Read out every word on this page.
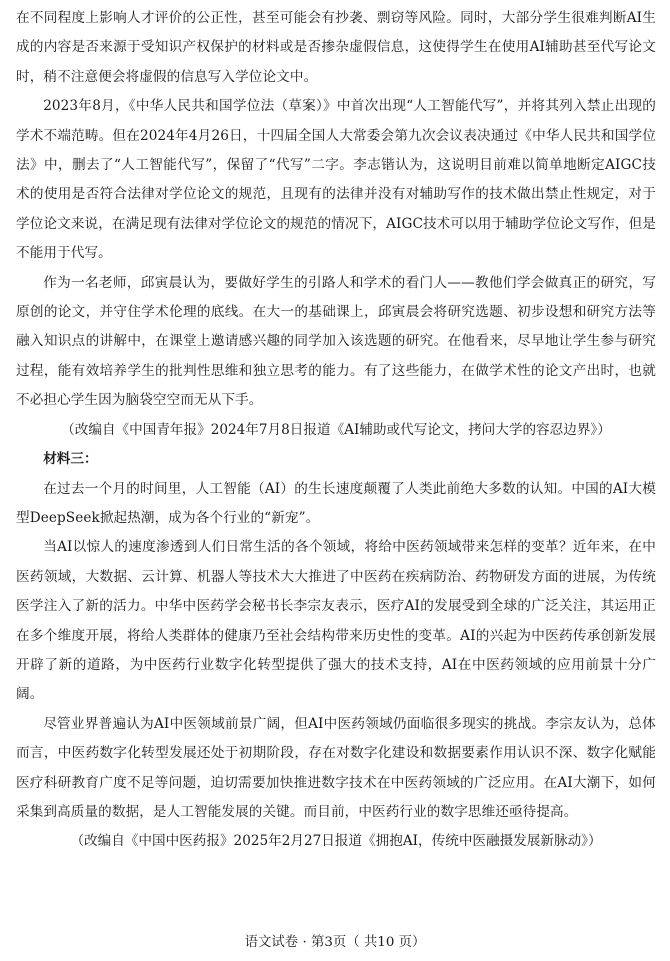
在不同程度上影响人才评价的公正性，甚至可能会有抄袭、剽窃等风险。同时，大部分学生很难判断AI生成的内容是否来源于受知识产权保护的材料或是否掺杂虚假信息，这使得学生在使用AI辅助甚至代写论文时，稍不注意便会将虚假的信息写入学位论文中。

2023年8月，《中华人民共和国学位法（草案）》中首次出现“人工智能代写”，并将其列入禁止出现的学术不端范畴。但在2024年4月26日，十四届全国人大常委会第九次会议表决通过《中华人民共和国学位法》中，删去了“人工智能代写”，保留了“代写”二字。李志锴认为，这说明目前难以简单地断定AIGC技术的使用是否符合法律对学位论文的规范，且现有的法律并没有对辅助写作的技术做出禁止性规定，对于学位论文来说，在满足现有法律对学位论文的规范的情况下，AIGC技术可以用于辅助学位论文写作，但是不能用于代写。

作为一名老师，邱寅晨认为，要做好学生的引路人和学术的看门人——教他们学会做真正的研究，写原创的论文，并守住学术伦理的底线。在大一的基础课上，邱寅晨会将研究选题、初步设想和研究方法等融入知识点的讲解中，在课堂上邀请感兴趣的同学加入该选题的研究。在他看来，尽早地让学生参与研究过程，能有效培养学生的批判性思维和独立思考的能力。有了这些能力，在做学术性的论文产出时，也就不必担心学生因为脑袋空空而无从下手。

（改编自《中国青年报》2024年7月8日报道《AI辅助或代写论文，拷问大学的容忍边界》）

材料三：

在过去一个月的时间里，人工智能（AI）的生长速度颠覆了人类此前绝大多数的认知。中国的AI大模型DeepSeek掀起热潮，成为各个行业的“新宠”。

当AI以惊人的速度渗透到人们日常生活的各个领域，将给中医药领域带来怎样的变革？近年来，在中医药领域，大数据、云计算、机器人等技术大大推进了中医药在疾病防治、药物研发方面的进展，为传统医学注入了新的活力。中华中医药学会秘书长李宗友表示，医疗AI的发展受到全球的广泛关注，其运用正在多个维度开展，将给人类群体的健康乃至社会结构带来历史性的变革。AI的兴起为中医药传承创新发展开辟了新的道路，为中医药行业数字化转型提供了强大的技术支持，AI在中医药领域的应用前景十分广阔。

尽管业界普遍认为AI中医领域前景广阔，但AI中医药领域仍面临很多现实的挑战。李宗友认为，总体而言，中医药数字化转型发展还处于初期阶段，存在对数字化建设和数据要素作用认识不深、数字化赋能医疗科研教育广度不足等问题，迫切需要加快推进数字技术在中医药领域的广泛应用。在AI大潮下，如何采集到高质量的数据，是人工智能发展的关键。而目前，中医药行业的数字思维还亟待提高。

（改编自《中国中医药报》2025年2月27日报道《拥抱AI，传统中医融摄发展新脉动》）

语文试卷 · 第3页（ 共10 页）
